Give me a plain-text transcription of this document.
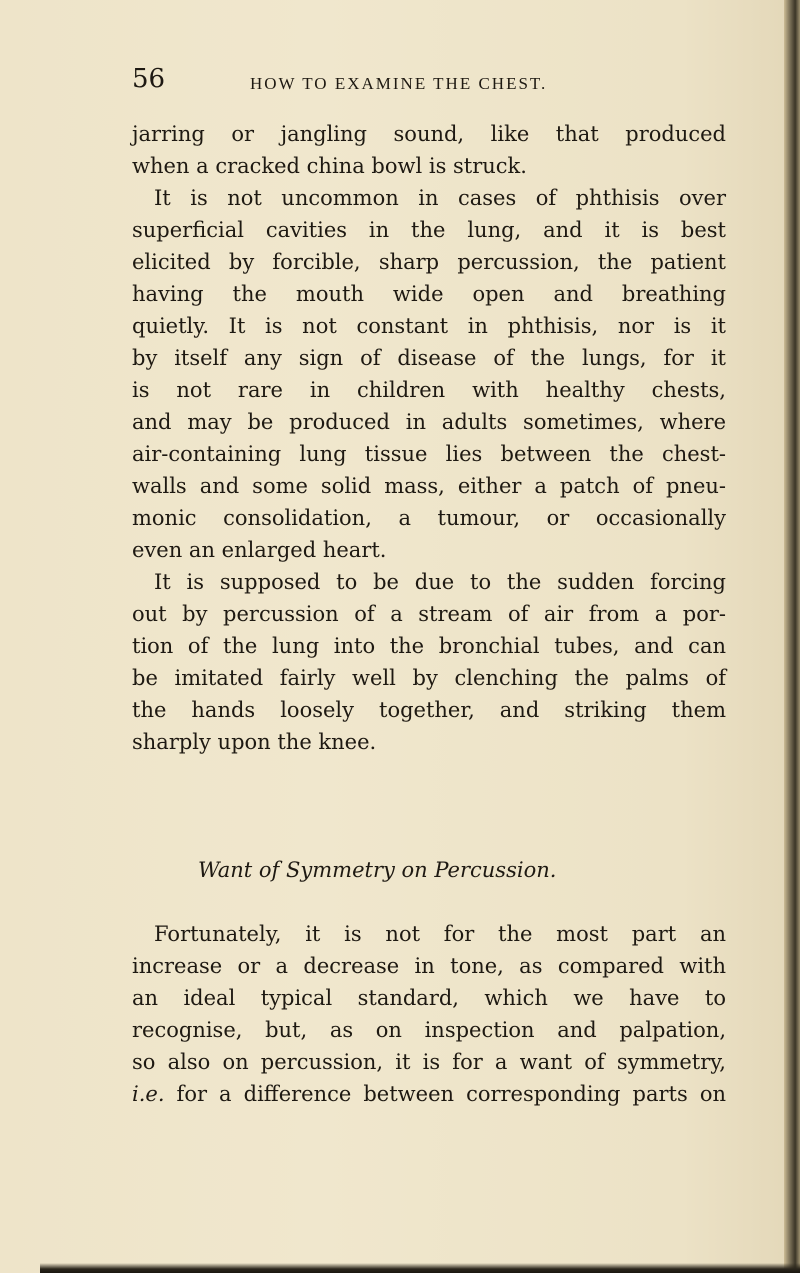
56	HOW TO EXAMINE THE CHEST.
jarring or jangling sound, like that produced
when a cracked china bowl is struck.
It is not uncommon in cases of phthisis over
superficial cavities in the lung, and it is best
elicited by forcible, sharp percussion, the patient
having the mouth wide open and breathing
quietly. It is not constant in phthisis, nor is it
by itself any sign of disease of the lungs, for it
is not rare in children with healthy chests,
and may be produced in adults sometimes, where
air-containing lung tissue lies between the chest-
walls and some solid mass, either a patch of pneu-
monic consolidation, a tumour, or occasionally
even an enlarged heart.
It is supposed to be due to the sudden forcing
out by percussion of a stream of air from a por-
tion of the lung into the bronchial tubes, and can
be imitated fairly well by clenching the palms of
the hands loosely together, and striking them
sharply upon the knee.
Want of Symmetry on Percussion.
Fortunately, it is not for the most part an
increase or a decrease in tone, as compared with
an ideal typical standard, which we have to
recognise, but, as on inspection and palpation,
so also on percussion, it is for a want of symmetry,
i.e. for a difference between corresponding parts on
